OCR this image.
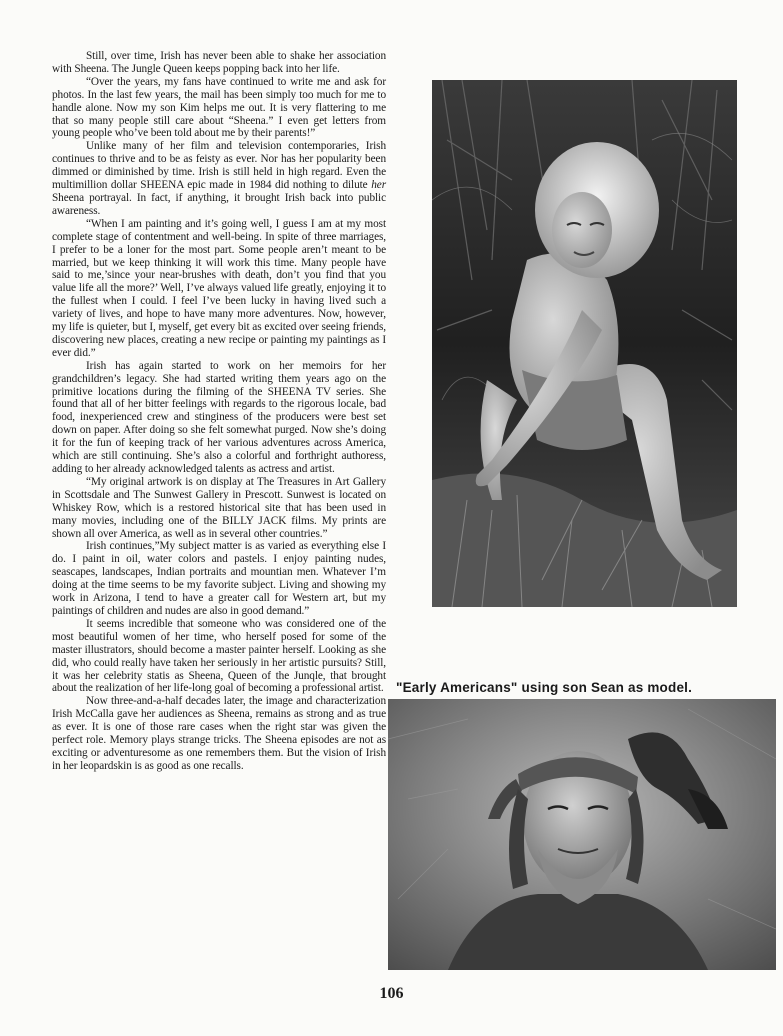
Still, over time, Irish has never been able to shake her association with Sheena. The Jungle Queen keeps popping back into her life.

“Over the years, my fans have continued to write me and ask for photos. In the last few years, the mail has been simply too much for me to handle alone. Now my son Kim helps me out. It is very flattering to me that so many people still care about “Sheena.” I even get letters from young people who’ve been told about me by their parents!”

Unlike many of her film and television contemporaries, Irish continues to thrive and to be as feisty as ever. Nor has her popularity been dimmed or diminished by time. Irish is still held in high regard. Even the multimillion dollar SHEENA epic made in 1984 did nothing to dilute her Sheena portrayal. In fact, if anything, it brought Irish back into public awareness.

“When I am painting and it’s going well, I guess I am at my most complete stage of contentment and well-being. In spite of three marriages, I prefer to be a loner for the most part. Some people aren’t meant to be married, but we keep thinking it will work this time. Many people have said to me,’since your near-brushes with death, don’t you find that you value life all the more?’ Well, I’ve always valued life greatly, enjoying it to the fullest when I could. I feel I’ve been lucky in having lived such a variety of lives, and hope to have many more adventures. Now, however, my life is quieter, but I, myself, get every bit as excited over seeing friends, discovering new places, creating a new recipe or painting my paintings as I ever did.”

Irish has again started to work on her memoirs for her grandchildren’s legacy. She had started writing them years ago on the primitive locations during the filming of the SHEENA TV series. She found that all of her bitter feelings with regards to the rigorous locale, bad food, inexperienced crew and stinginess of the producers were best set down on paper. After doing so she felt somewhat purged. Now she’s doing it for the fun of keeping track of her various adventures across America, which are still continuing. She’s also a colorful and forthright authoress, adding to her already acknowledged talents as actress and artist.

“My original artwork is on display at The Treasures in Art Gallery in Scottsdale and The Sunwest Gallery in Prescott. Sunwest is located on Whiskey Row, which is a restored historical site that has been used in many movies, including one of the BILLY JACK films. My prints are shown all over America, as well as in several other countries.”

Irish continues,”My subject matter is as varied as everything else I do. I paint in oil, water colors and pastels. I enjoy painting nudes, seascapes, landscapes, Indian portraits and mountian men. Whatever I’m doing at the time seems to be my favorite subject. Living and showing my work in Arizona, I tend to have a greater call for Western art, but my paintings of children and nudes are also in good demand.”

It seems incredible that someone who was considered one of the most beautiful women of her time, who herself posed for some of the master illustrators, should become a master painter herself. Looking as she did, who could really have taken her seriously in her artistic pursuits? Still, it was her celebrity statis as Sheena, Queen of the Junqle, that brought about the realization of her life-long goal of becoming a professional artist.

Now three-and-a-half decades later, the image and characterization Irish McCalla gave her audiences as Sheena, remains as strong and as true as ever. It is one of those rare cases when the right star was given the perfect role. Memory plays strange tricks. The Sheena episodes are not as exciting or adventuresome as one remembers them. But the vision of Irish in her leopardskin is as good as one recalls.

"Early Americans" using son Sean as model.
106
